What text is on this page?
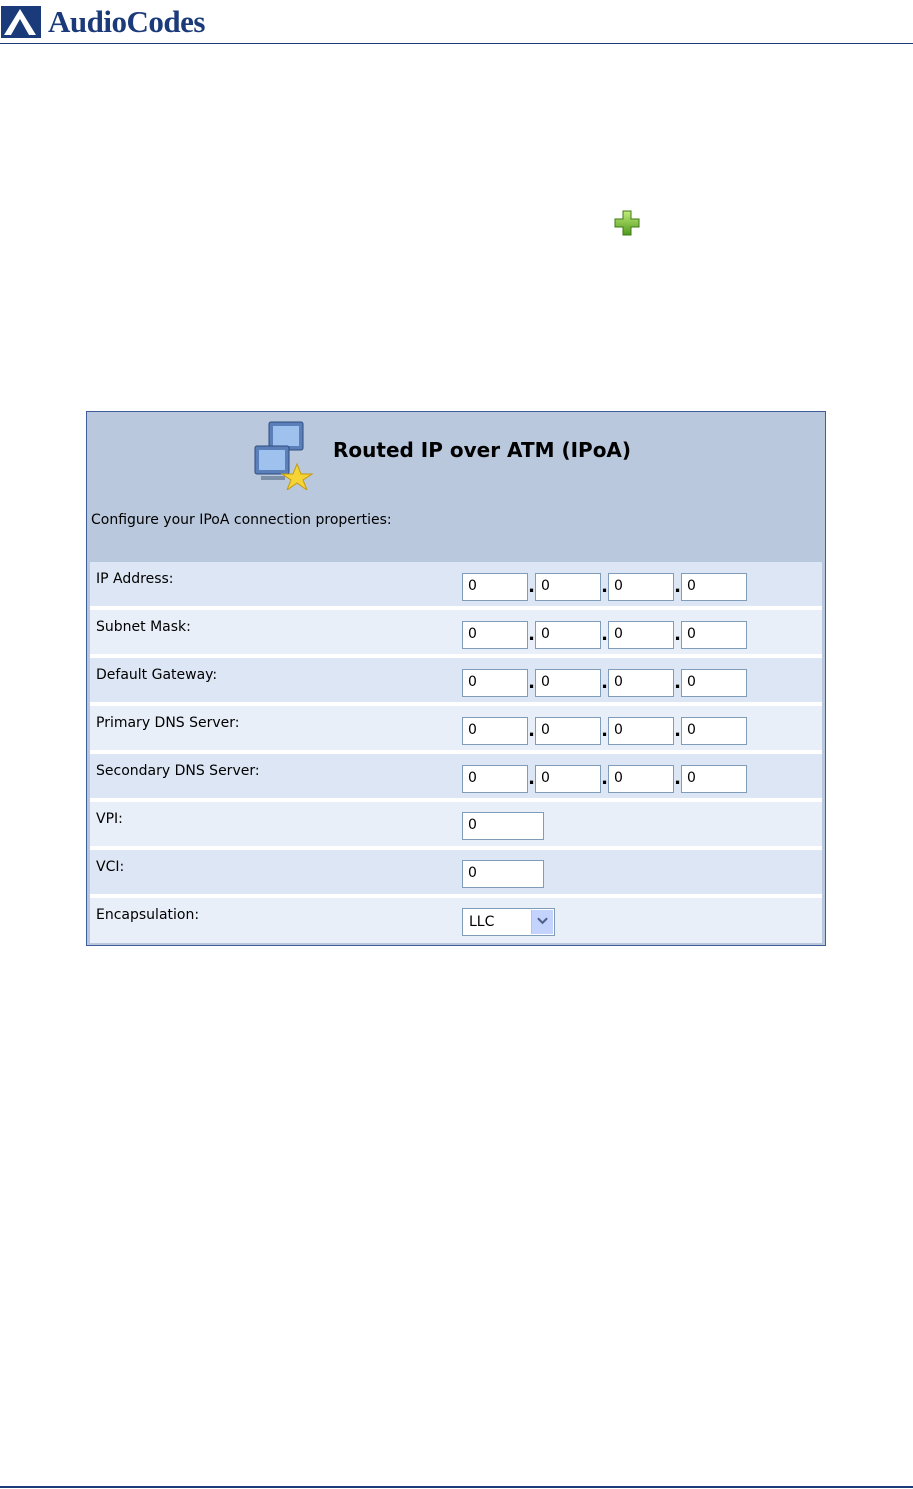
AudioCodes
Routed IP over ATM (IPoA)
Configure your IPoA connection properties:
IP Address:	0	. 0	. 0	. 0
Subnet Mask:	0	. 0	. 0	. 0
Default Gateway:	0	. 0	. 0	. 0
Primary DNS Server:	0	. 0	. 0	. 0
Secondary DNS Server:	0	. 0	. 0	. 0
VPI:	0
VCI:	0
Encapsulation:	LLC
